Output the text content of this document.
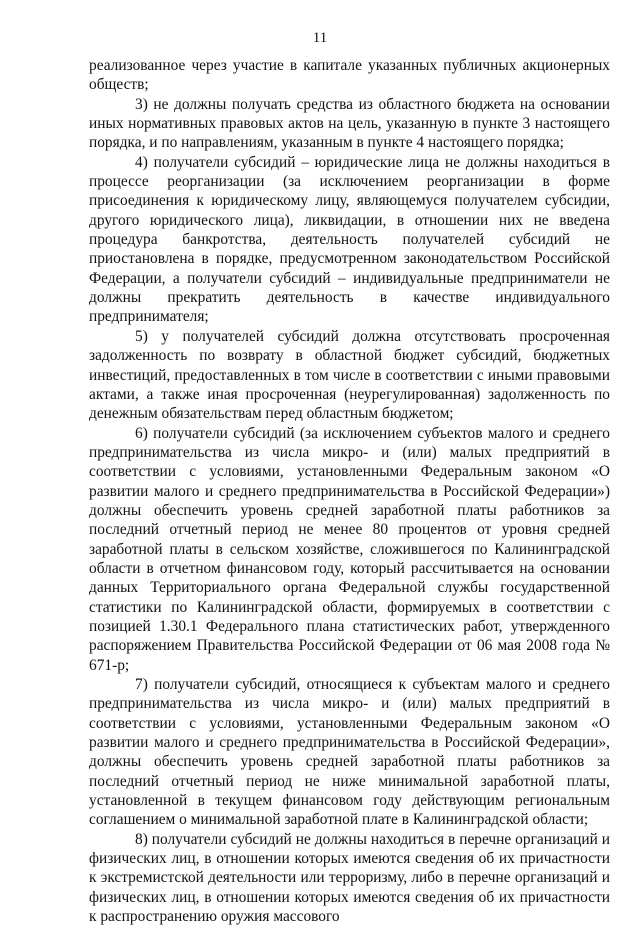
11

реализованное через участие в капитале указанных публичных акционерных обществ;

3) не должны получать средства из областного бюджета на основании иных нормативных правовых актов на цель, указанную в пункте 3 настоящего порядка, и по направлениям, указанным в пункте 4 настоящего порядка;

4) получатели субсидий – юридические лица не должны находиться в процессе реорганизации (за исключением реорганизации в форме присоединения к юридическому лицу, являющемуся получателем субсидии, другого юридического лица), ликвидации, в отношении них не введена процедура банкротства, деятельность получателей субсидий не приостановлена в порядке, предусмотренном законодательством Российской Федерации, а получатели субсидий – индивидуальные предприниматели не должны прекратить деятельность в качестве индивидуального предпринимателя;

5) у получателей субсидий должна отсутствовать просроченная задолженность по возврату в областной бюджет субсидий, бюджетных инвестиций, предоставленных в том числе в соответствии с иными правовыми актами, а также иная просроченная (неурегулированная) задолженность по денежным обязательствам перед областным бюджетом;

6) получатели субсидий (за исключением субъектов малого и среднего предпринимательства из числа микро- и (или) малых предприятий в соответствии с условиями, установленными Федеральным законом «О развитии малого и среднего предпринимательства в Российской Федерации») должны обеспечить уровень средней заработной платы работников за последний отчетный период не менее 80 процентов от уровня средней заработной платы в сельском хозяйстве, сложившегося по Калининградской области в отчетном финансовом году, который рассчитывается на основании данных Территориального органа Федеральной службы государственной статистики по Калининградской области, формируемых в соответствии с позицией 1.30.1 Федерального плана статистических работ, утвержденного распоряжением Правительства Российской Федерации от 06 мая 2008 года № 671-р;

7) получатели субсидий, относящиеся к субъектам малого и среднего предпринимательства из числа микро- и (или) малых предприятий в соответствии с условиями, установленными Федеральным законом «О развитии малого и среднего предпринимательства в Российской Федерации», должны обеспечить уровень средней заработной платы работников за последний отчетный период не ниже минимальной заработной платы, установленной в текущем финансовом году действующим региональным соглашением о минимальной заработной плате в Калининградской области;

8) получатели субсидий не должны находиться в перечне организаций и физических лиц, в отношении которых имеются сведения об их причастности к экстремистской деятельности или терроризму, либо в перечне организаций и физических лиц, в отношении которых имеются сведения об их причастности к распространению оружия массового
